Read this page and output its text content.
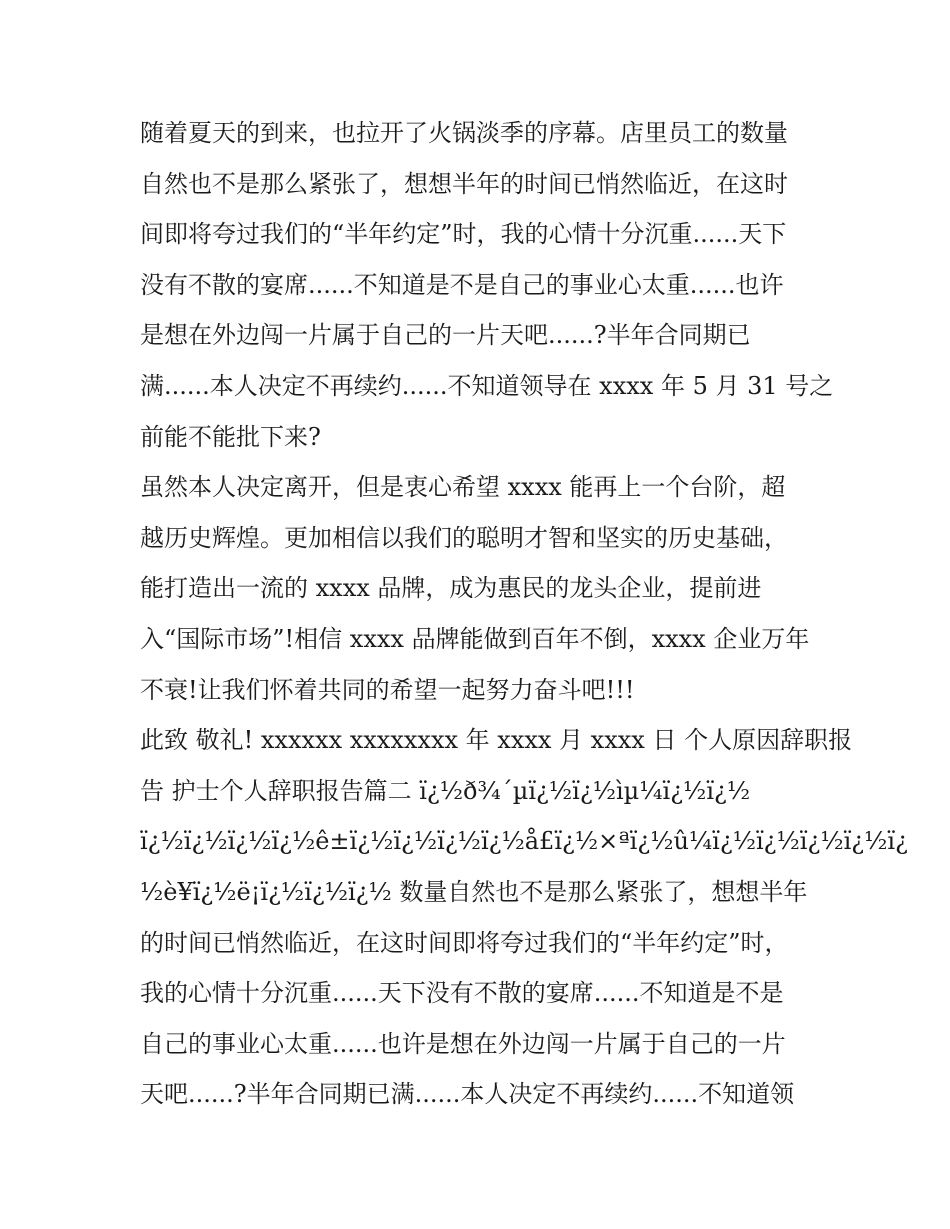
随着夏天的到来，也拉开了火锅淡季的序幕。店里员工的数量
自然也不是那么紧张了，想想半年的时间已悄然临近，在这时
间即将夸过我们的“半年约定”时，我的心情十分沉重......天下
没有不散的宴席......不知道是不是自己的事业心太重......也许
是想在外边闯一片属于自己的一片天吧......?半年合同期已
满......本人决定不再续约......不知道领导在 xxxx 年 5 月 31 号之
前能不能批下来?
虽然本人决定离开，但是衷心希望 xxxx 能再上一个台阶，超
越历史辉煌。更加相信以我们的聪明才智和坚实的历史基础，
能打造出一流的 xxxx 品牌，成为惠民的龙头企业，提前进
入“国际市场”!相信 xxxx 品牌能做到百年不倒，xxxx 企业万年
不衰!让我们怀着共同的希望一起努力奋斗吧!!!
此致 敬礼! xxxxxx xxxxxxxx 年 xxxx 月 xxxx 日 个人原因辞职报
告 护士个人辞职报告篇二 ï¿½ð¾´µï¿½ï¿½ìµ¼ï¿½ï¿½
ï¿½ï¿½ï¿½ï¿½ê±ï¿½ï¿½ï¿½ï¿½å£ï¿½×ªï¿½û¼ï¿½ï¿½ï¿½ï¿½ï¿
½è¥ï¿½ë¡ï¿½ï¿½ï¿½ 数量自然也不是那么紧张了，想想半年
的时间已悄然临近，在这时间即将夸过我们的“半年约定”时，
我的心情十分沉重......天下没有不散的宴席......不知道是不是
自己的事业心太重......也许是想在外边闯一片属于自己的一片
天吧......?半年合同期已满......本人决定不再续约......不知道领
